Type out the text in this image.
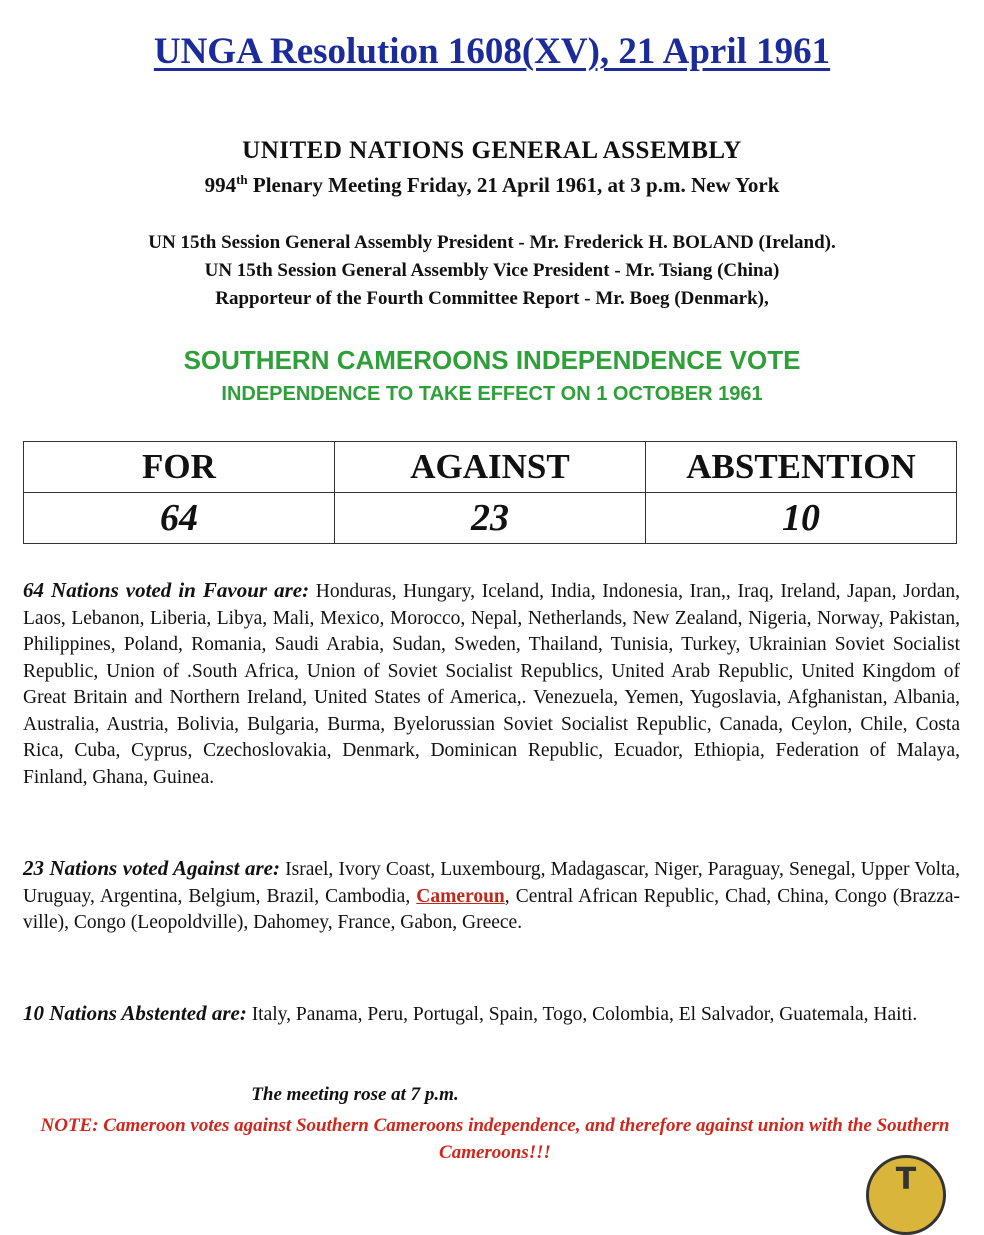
UNGA Resolution 1608(XV), 21 April 1961
UNITED NATIONS GENERAL ASSEMBLY
994th Plenary Meeting Friday, 21 April 1961, at 3 p.m. New York
UN 15th Session General Assembly President - Mr. Frederick H. BOLAND (Ireland).
UN 15th Session General Assembly Vice President - Mr. Tsiang (China)
Rapporteur of the Fourth Committee Report - Mr. Boeg (Denmark),
SOUTHERN CAMEROONS INDEPENDENCE VOTE
INDEPENDENCE TO TAKE EFFECT ON 1 OCTOBER 1961
FOR	AGAINST	ABSTENTION
64	23	10
64 Nations voted in Favour are: Honduras, Hungary, Iceland, India, Indonesia, Iran,, Iraq, Ireland, Japan, Jordan, Laos, Lebanon, Liberia, Libya, Mali, Mexico, Morocco, Nepal, Netherlands, New Zealand, Nigeria, Norway, Pakistan, Philippines, Poland, Romania, Saudi Arabia, Sudan, Sweden, Thailand, Tunisia, Turkey, Ukrainian Soviet Socialist Republic, Union of .South Africa, Union of Soviet Socialist Republics, United Arab Republic, United Kingdom of Great Britain and Northern Ireland, United States of America,. Venezuela, Yemen, Yugoslavia, Afghanistan, Albania, Australia, Austria, Bolivia, Bulgaria, Burma, Byelorussian Soviet Socialist Republic, Canada, Ceylon, Chile, Costa Rica, Cuba, Cyprus, Czechoslovakia, Denmark, Dominican Republic, Ecuador, Ethiopia, Federation of Malaya, Finland, Ghana, Guinea.
23 Nations voted Against are: Israel, Ivory Coast, Luxembourg, Madagascar, Niger, Paraguay, Senegal, Upper Volta, Uruguay, Argentina, Belgium, Brazil, Cambodia, Cameroun, Central African Republic, Chad, China, Congo (Brazza-ville), Congo (Leopoldville), Dahomey, France, Gabon, Greece.
10 Nations Abstented are: Italy, Panama, Peru, Portugal, Spain, Togo, Colombia, El Salvador, Guatemala, Haiti.
The meeting rose at 7 p.m.
NOTE: Cameroon votes against Southern Cameroons independence, and therefore against union with the Southern Cameroons!!!
T
